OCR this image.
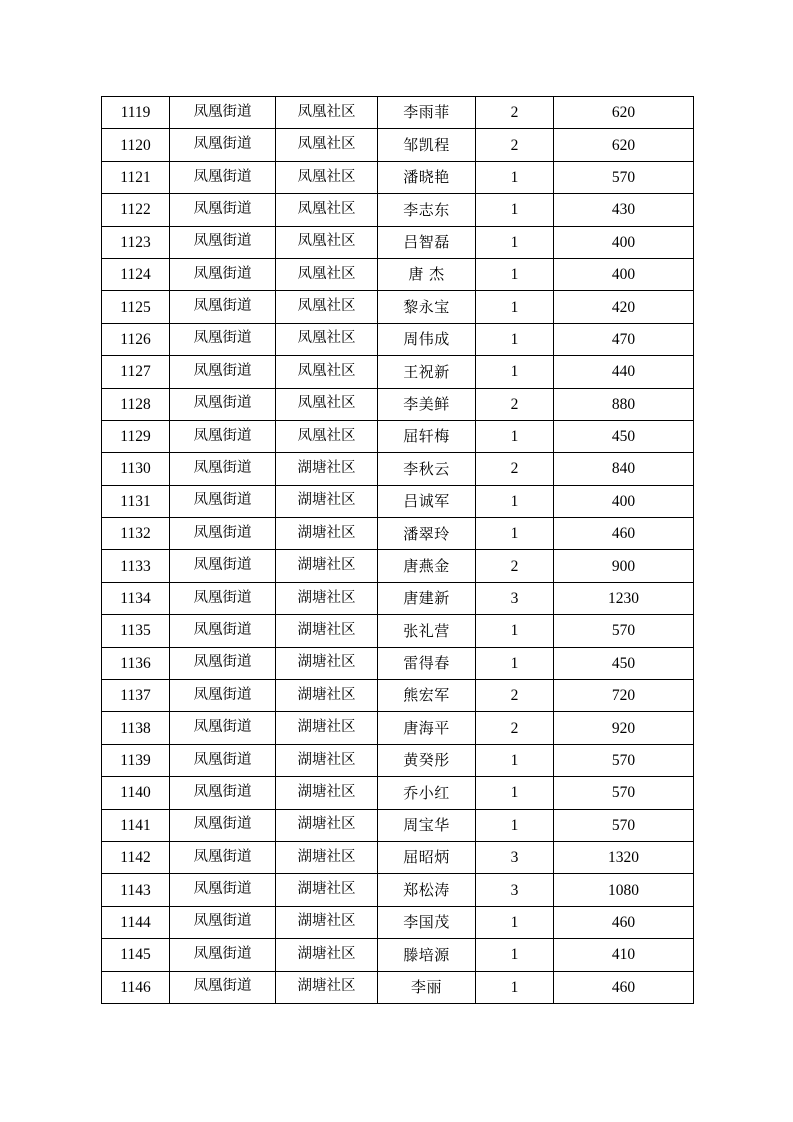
1119	凤凰街道	凤凰社区	李雨菲	2	620
1120	凤凰街道	凤凰社区	邹凯程	2	620
1121	凤凰街道	凤凰社区	潘晓艳	1	570
1122	凤凰街道	凤凰社区	李志东	1	430
1123	凤凰街道	凤凰社区	吕智磊	1	400
1124	凤凰街道	凤凰社区	唐 杰	1	400
1125	凤凰街道	凤凰社区	黎永宝	1	420
1126	凤凰街道	凤凰社区	周伟成	1	470
1127	凤凰街道	凤凰社区	王祝新	1	440
1128	凤凰街道	凤凰社区	李美鲜	2	880
1129	凤凰街道	凤凰社区	屈轩梅	1	450
1130	凤凰街道	湖塘社区	李秋云	2	840
1131	凤凰街道	湖塘社区	吕诚军	1	400
1132	凤凰街道	湖塘社区	潘翠玲	1	460
1133	凤凰街道	湖塘社区	唐燕金	2	900
1134	凤凰街道	湖塘社区	唐建新	3	1230
1135	凤凰街道	湖塘社区	张礼营	1	570
1136	凤凰街道	湖塘社区	雷得春	1	450
1137	凤凰街道	湖塘社区	熊宏军	2	720
1138	凤凰街道	湖塘社区	唐海平	2	920
1139	凤凰街道	湖塘社区	黄癸彤	1	570
1140	凤凰街道	湖塘社区	乔小红	1	570
1141	凤凰街道	湖塘社区	周宝华	1	570
1142	凤凰街道	湖塘社区	屈昭炳	3	1320
1143	凤凰街道	湖塘社区	郑松涛	3	1080
1144	凤凰街道	湖塘社区	李国茂	1	460
1145	凤凰街道	湖塘社区	滕培源	1	410
1146	凤凰街道	湖塘社区	李丽	1	460
